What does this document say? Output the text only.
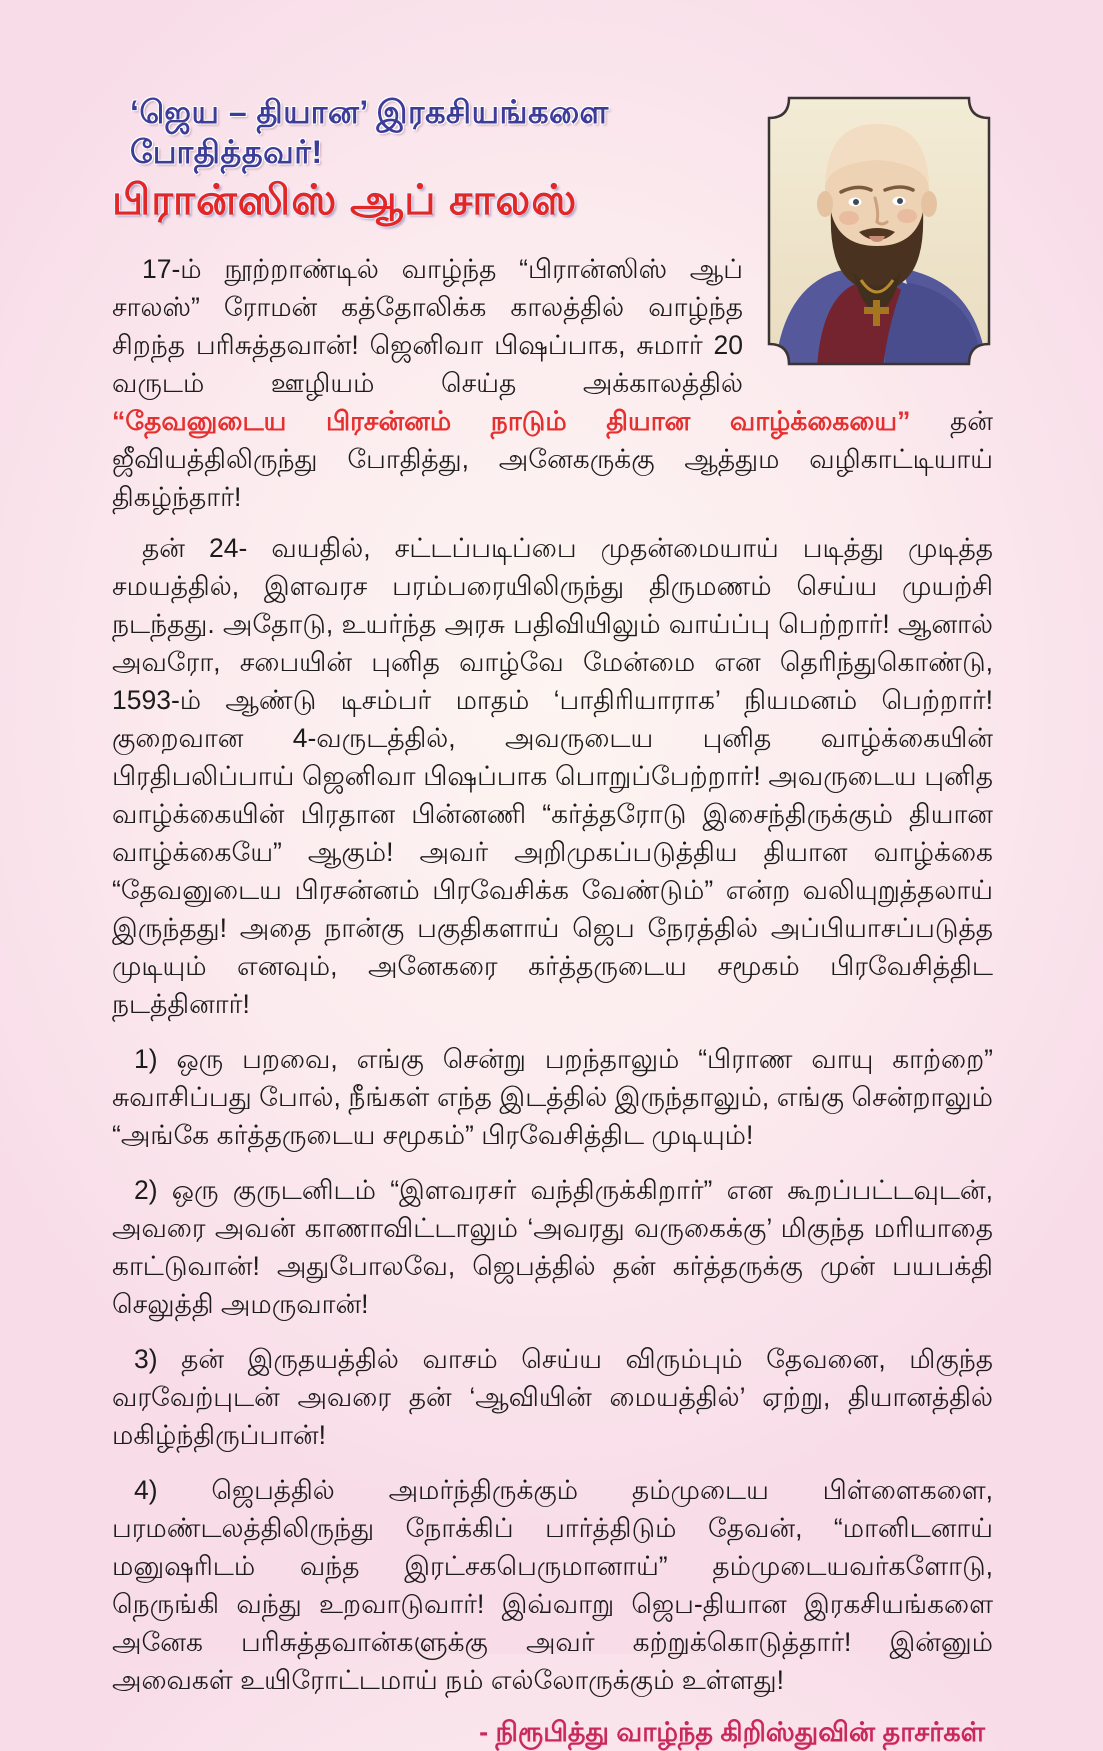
‘ஜெய – தியான’ இரகசியங்களை போதித்தவர்!
பிரான்ஸிஸ் ஆப் சாலஸ்

17-ம் நூற்றாண்டில் வாழ்ந்த “பிரான்ஸிஸ் ஆப் சாலஸ்” ரோமன் கத்தோலிக்க காலத்தில் வாழ்ந்த சிறந்த பரிசுத்தவான்! ஜெனிவா பிஷப்பாக, சுமார் 20 வருடம் ஊழியம் செய்த அக்காலத்தில் “தேவனுடைய பிரசன்னம் நாடும் தியான வாழ்க்கையை” தன் ஜீவியத்திலிருந்து போதித்து, அனேகருக்கு ஆத்தும வழிகாட்டியாய் திகழ்ந்தார்!

தன் 24- வயதில், சட்டப்படிப்பை முதன்மையாய் படித்து முடித்த சமயத்தில், இளவரச பரம்பரையிலிருந்து திருமணம் செய்ய முயற்சி நடந்தது. அதோடு, உயர்ந்த அரசு பதிவியிலும் வாய்ப்பு பெற்றார்! ஆனால் அவரோ, சபையின் புனித வாழ்வே மேன்மை என தெரிந்துகொண்டு, 1593-ம் ஆண்டு டிசம்பர் மாதம் ‘பாதிரியாராக’ நியமனம் பெற்றார்! குறைவான 4-வருடத்தில், அவருடைய புனித வாழ்க்கையின் பிரதிபலிப்பாய் ஜெனிவா பிஷப்பாக பொறுப்பேற்றார்! அவருடைய புனித வாழ்க்கையின் பிரதான பின்னணி “கர்த்தரோடு இசைந்திருக்கும் தியான வாழ்க்கையே” ஆகும்! அவர் அறிமுகப்படுத்திய தியான வாழ்க்கை “தேவனுடைய பிரசன்னம் பிரவேசிக்க வேண்டும்” என்ற வலியுறுத்தலாய் இருந்தது! அதை நான்கு பகுதிகளாய் ஜெப நேரத்தில் அப்பியாசப்படுத்த முடியும் எனவும், அனேகரை கர்த்தருடைய சமூகம் பிரவேசித்திட நடத்தினார்!

1) ஒரு பறவை, எங்கு சென்று பறந்தாலும் “பிராண வாயு காற்றை” சுவாசிப்பது போல், நீங்கள் எந்த இடத்தில் இருந்தாலும், எங்கு சென்றாலும் “அங்கே கர்த்தருடைய சமூகம்” பிரவேசித்திட முடியும்!

2) ஒரு குருடனிடம் “இளவரசர் வந்திருக்கிறார்” என கூறப்பட்டவுடன், அவரை அவன் காணாவிட்டாலும் ‘அவரது வருகைக்கு’ மிகுந்த மரியாதை காட்டுவான்! அதுபோலவே, ஜெபத்தில் தன் கர்த்தருக்கு முன் பயபக்தி செலுத்தி அமருவான்!

3) தன் இருதயத்தில் வாசம் செய்ய விரும்பும் தேவனை, மிகுந்த வரவேற்புடன் அவரை தன் ‘ஆவியின் மையத்தில்’ ஏற்று, தியானத்தில் மகிழ்ந்திருப்பான்!

4) ஜெபத்தில் அமர்ந்திருக்கும் தம்முடைய பிள்ளைகளை, பரமண்டலத்திலிருந்து நோக்கிப் பார்த்திடும் தேவன், “மானிடனாய் மனுஷரிடம் வந்த இரட்சகபெருமானாய்” தம்முடையவர்களோடு, நெருங்கி வந்து உறவாடுவார்! இவ்வாறு ஜெப-தியான இரகசியங்களை அனேக பரிசுத்தவான்களுக்கு அவர் கற்றுக்கொடுத்தார்! இன்னும் அவைகள் உயிரோட்டமாய் நம் எல்லோருக்கும் உள்ளது!

- நிரூபித்து வாழ்ந்த கிறிஸ்துவின் தாசர்கள்
